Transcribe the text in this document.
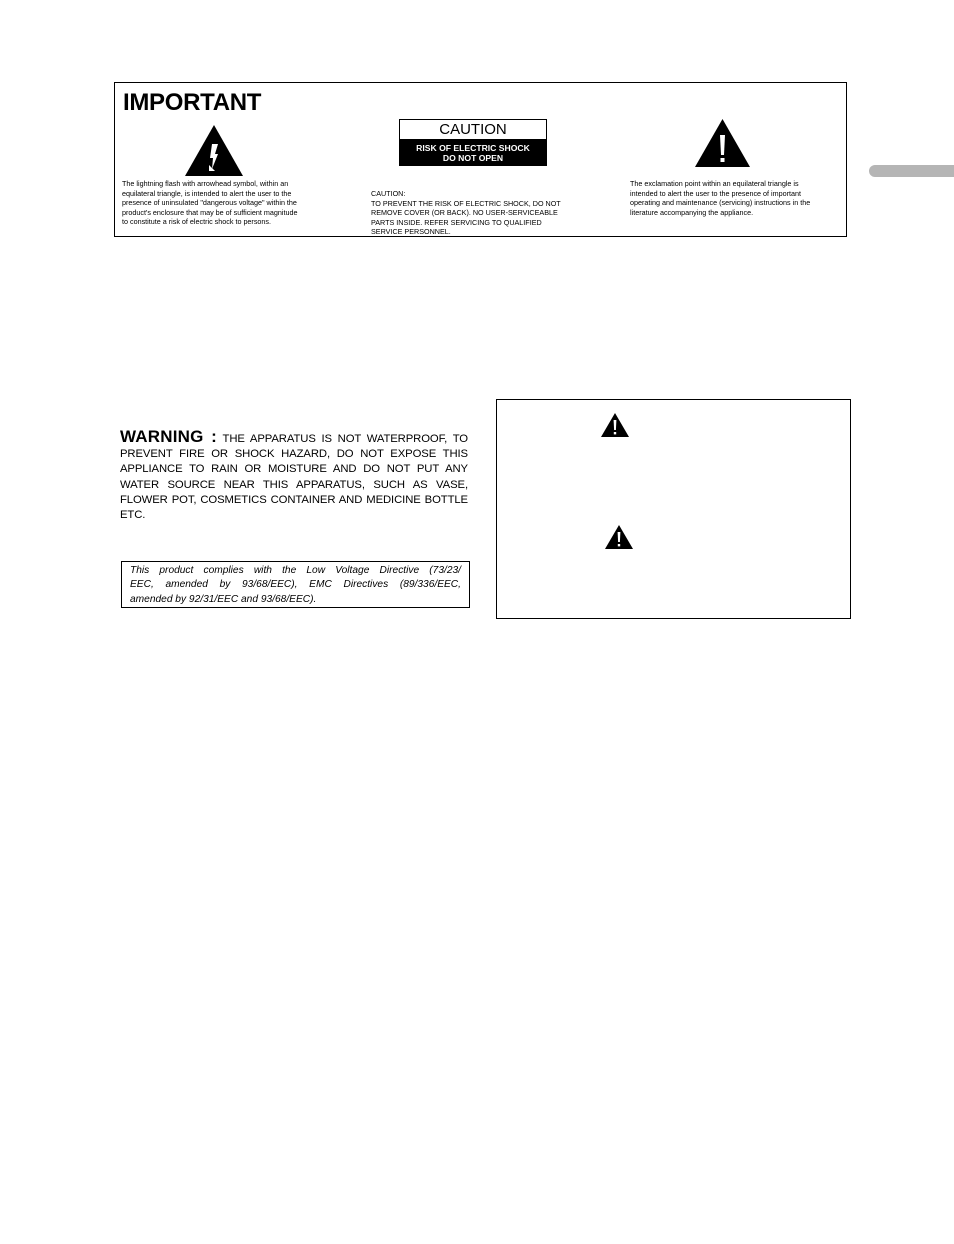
IMPORTANT
The lightning flash with arrowhead symbol, within an
equilateral triangle, is intended to alert the user to the
presence of uninsulated "dangerous voltage" within the
product's enclosure that may be of sufficient magnitude
to constitute a risk of electric shock to persons.
CAUTION
RISK OF ELECTRIC SHOCK
DO NOT OPEN
CAUTION:
TO PREVENT THE RISK OF ELECTRIC SHOCK, DO NOT
REMOVE COVER (OR BACK). NO USER-SERVICEABLE
PARTS INSIDE. REFER SERVICING TO QUALIFIED
SERVICE PERSONNEL.
The exclamation point within an equilateral triangle is
intended to alert the user to the presence of important
operating and maintenance (servicing) instructions in the
literature accompanying the appliance.
WARNING : THE APPARATUS IS NOT WATERPROOF, TO
PREVENT FIRE OR SHOCK HAZARD, DO NOT EXPOSE THIS
APPLIANCE TO RAIN OR MOISTURE AND DO NOT PUT ANY
WATER SOURCE NEAR THIS APPARATUS, SUCH AS VASE,
FLOWER POT, COSMETICS CONTAINER AND MEDICINE BOTTLE
ETC.
This product complies with the Low Voltage Directive (73/23/
EEC, amended by 93/68/EEC), EMC Directives (89/336/EEC,
amended by 92/31/EEC and 93/68/EEC).
